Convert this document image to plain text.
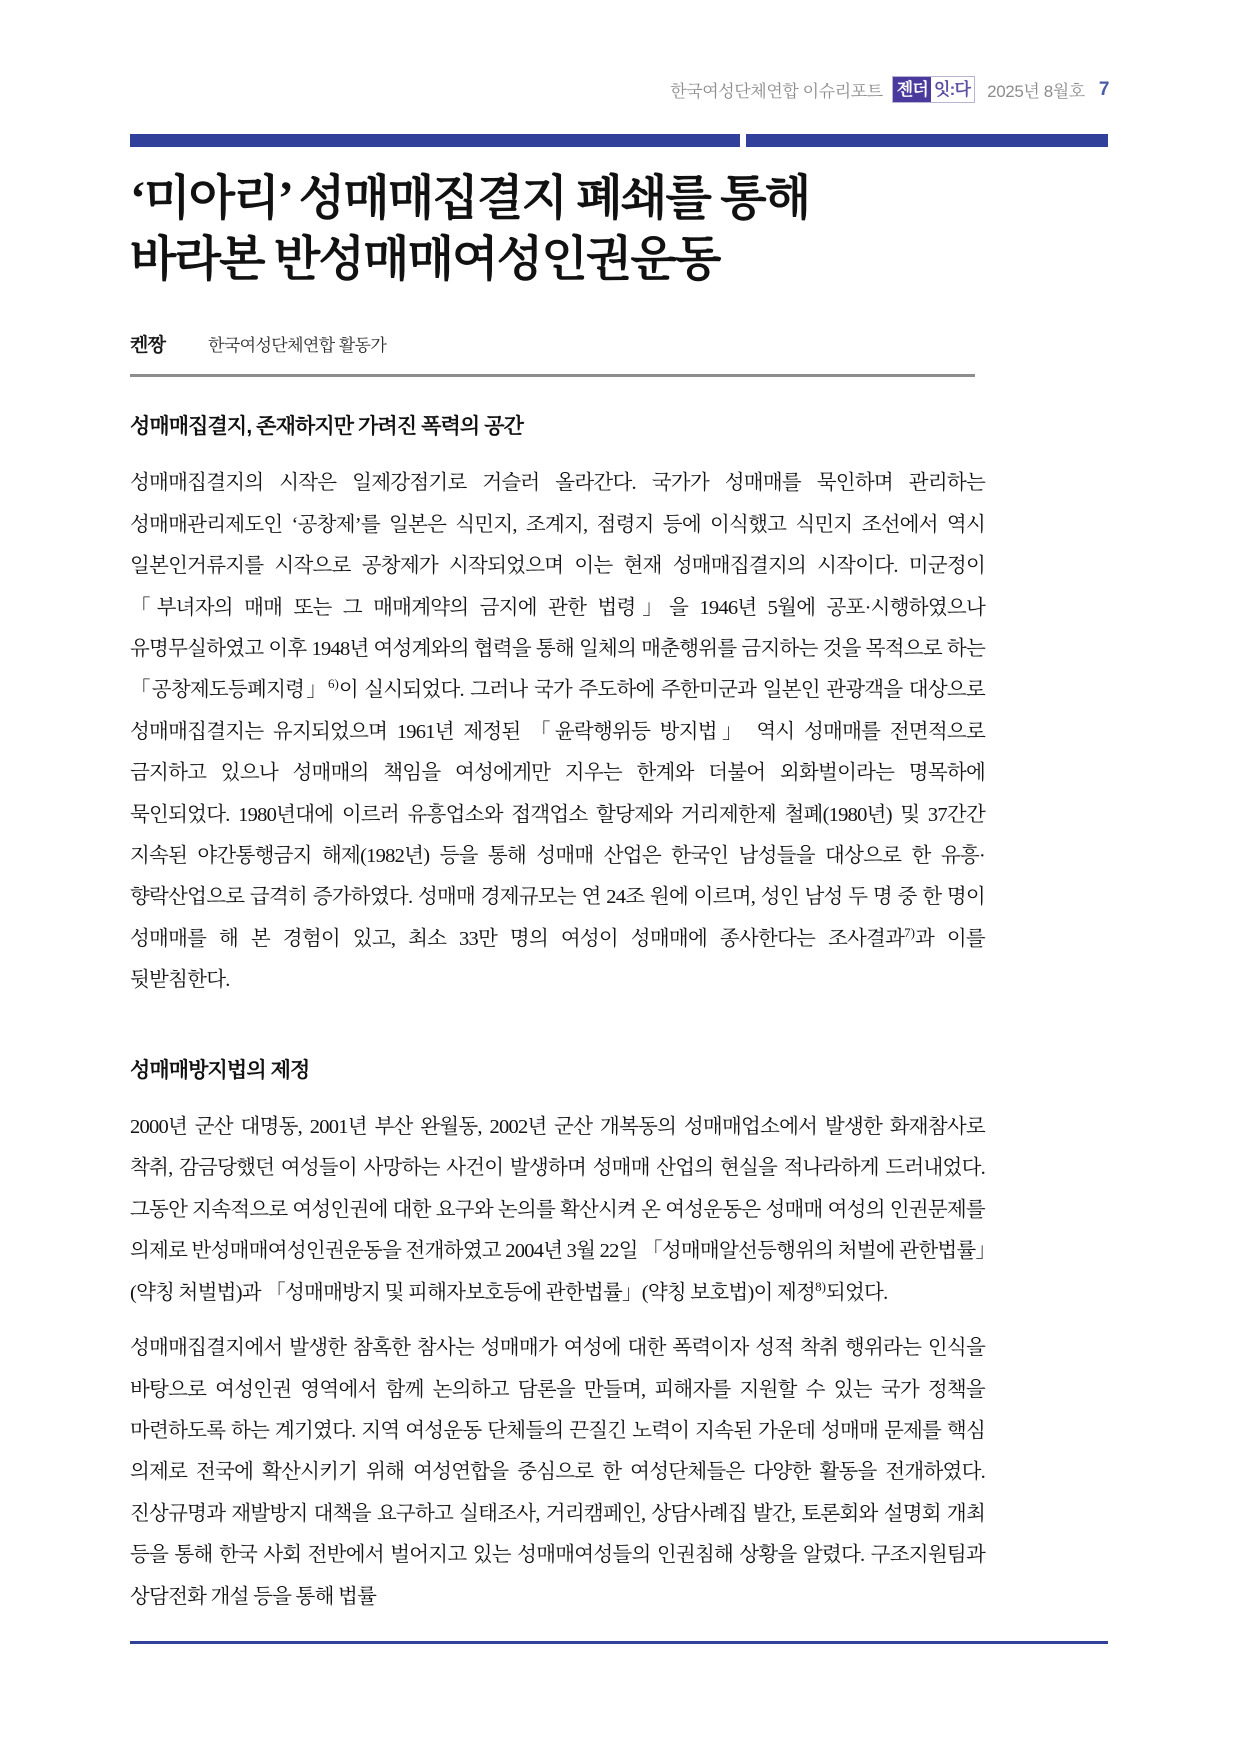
한국여성단체연합 이슈리포트 젠더 잇:다 2025년 8월호 7
‘미아리’ 성매매집결지 폐쇄를 통해
바라본 반성매매여성인권운동
켄짱	한국여성단체연합 활동가
성매매집결지, 존재하지만 가려진 폭력의 공간

성매매집결지의 시작은 일제강점기로 거슬러 올라간다. 국가가 성매매를 묵인하며 관리하는 성매매관리제도인 ‘공창제’를 일본은 식민지, 조계지, 점령지 등에 이식했고 식민지 조선에서 역시 일본인거류지를 시작으로 공창제가 시작되었으며 이는 현재 성매매집결지의 시작이다. 미군정이 「부녀자의 매매 또는 그 매매계약의 금지에 관한 법령」을 1946년 5월에 공포·시행하였으나 유명무실하였고 이후 1948년 여성계와의 협력을 통해 일체의 매춘행위를 금지하는 것을 목적으로 하는 「공창제도등폐지령」$^{6)}$이 실시되었다. 그러나 국가 주도하에 주한미군과 일본인 관광객을 대상으로 성매매집결지는 유지되었으며 1961년 제정된 「윤락행위등 방지법」 역시 성매매를 전면적으로 금지하고 있으나 성매매의 책임을 여성에게만 지우는 한계와 더불어 외화벌이라는 명목하에 묵인되었다. 1980년대에 이르러 유흥업소와 접객업소 할당제와 거리제한제 철폐(1980년) 및 37간간 지속된 야간통행금지 해제(1982년) 등을 통해 성매매 산업은 한국인 남성들을 대상으로 한 유흥·향락산업으로 급격히 증가하였다. 성매매 경제규모는 연 24조 원에 이르며, 성인 남성 두 명 중 한 명이 성매매를 해 본 경험이 있고, 최소 33만 명의 여성이 성매매에 종사한다는 조사결과$^{7)}$과 이를 뒷받침한다.

성매매방지법의 제정

2000년 군산 대명동, 2001년 부산 완월동, 2002년 군산 개복동의 성매매업소에서 발생한 화재참사로 착취, 감금당했던 여성들이 사망하는 사건이 발생하며 성매매 산업의 현실을 적나라하게 드러내었다. 그동안 지속적으로 여성인권에 대한 요구와 논의를 확산시켜 온 여성운동은 성매매 여성의 인권문제를 의제로 반성매매여성인권운동을 전개하였고 2004년 3월 22일 「성매매알선등행위의 처벌에 관한법률」(약칭 처벌법)과 「성매매방지 및 피해자보호등에 관한법률」(약칭 보호법)이 제정$^{8)}$되었다.

성매매집결지에서 발생한 참혹한 참사는 성매매가 여성에 대한 폭력이자 성적 착취 행위라는 인식을 바탕으로 여성인권 영역에서 함께 논의하고 담론을 만들며, 피해자를 지원할 수 있는 국가 정책을 마련하도록 하는 계기였다. 지역 여성운동 단체들의 끈질긴 노력이 지속된 가운데 성매매 문제를 핵심 의제로 전국에 확산시키기 위해 여성연합을 중심으로 한 여성단체들은 다양한 활동을 전개하였다. 진상규명과 재발방지 대책을 요구하고 실태조사, 거리캠페인, 상담사례집 발간, 토론회와 설명회 개최 등을 통해 한국 사회 전반에서 벌어지고 있는 성매매여성들의 인권침해 상황을 알렸다. 구조지원팀과 상담전화 개설 등을 통해 법률
